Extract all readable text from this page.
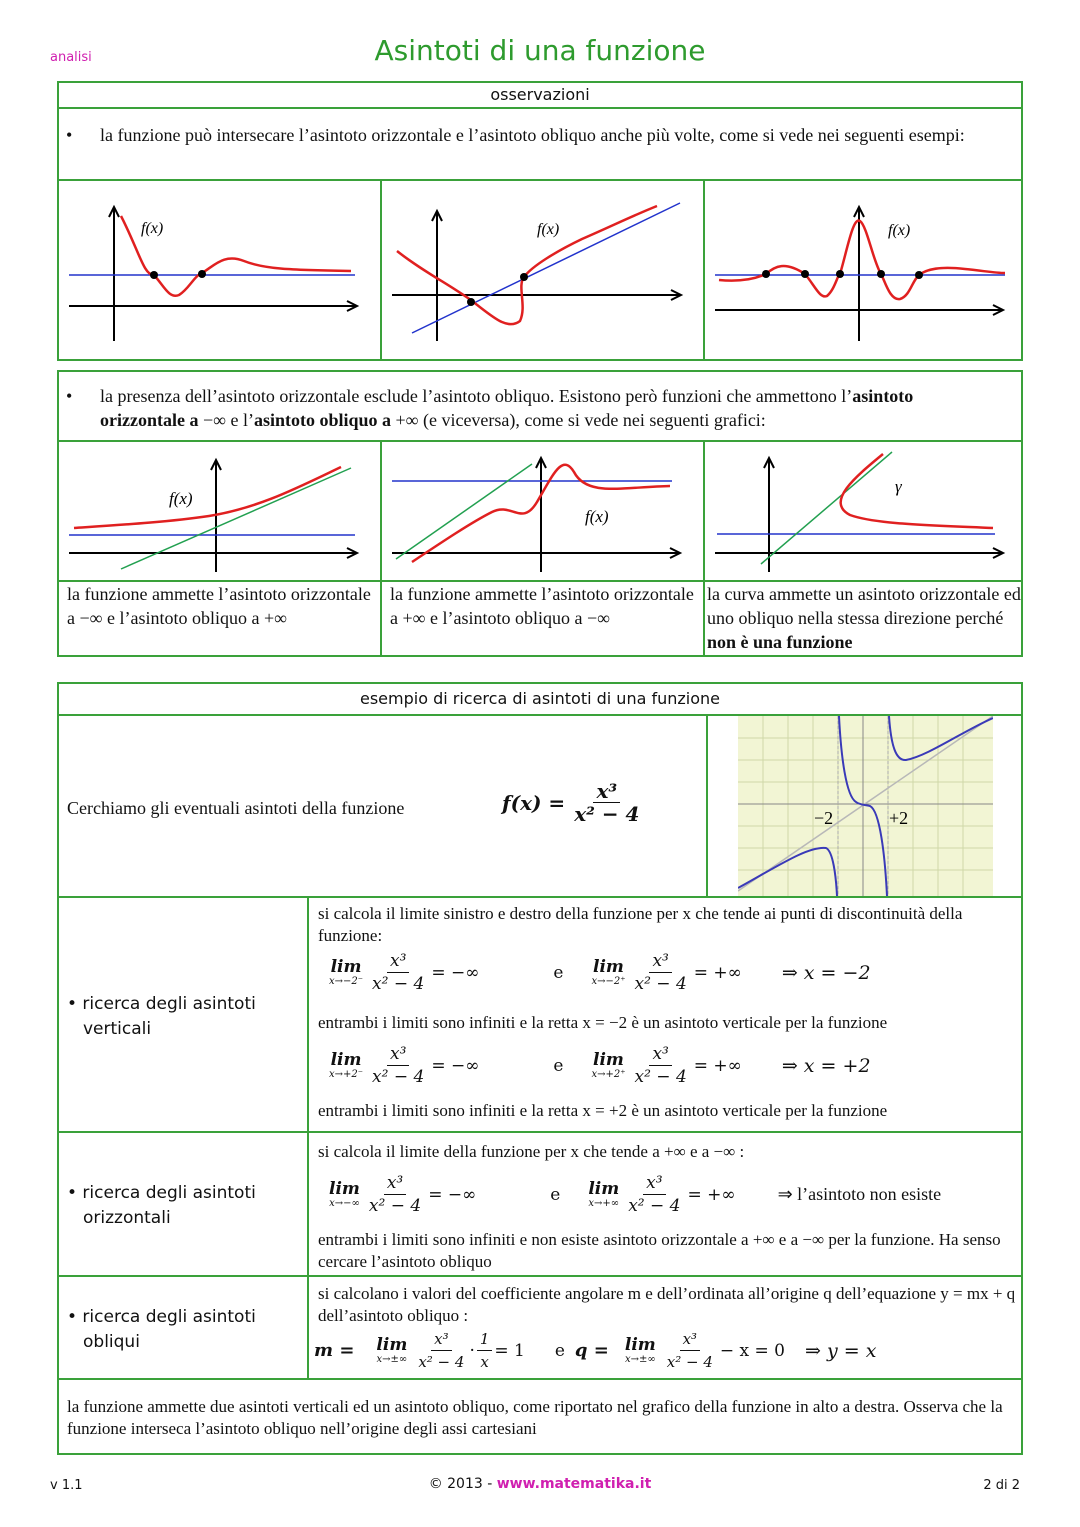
analisi	Asintoti di una funzione
osservazioni
• la funzione può intersecare l’asintoto orizzontale e l’asintoto obliquo anche più volte, come si vede nei seguenti esempi:
f(x)	f(x)	f(x)
• la presenza dell’asintoto orizzontale esclude l’asintoto obliquo. Esistono però funzioni che ammettono l’asintoto orizzontale a −∞ e l’asintoto obliquo a +∞ (e viceversa), come si vede nei seguenti grafici:
f(x)
f(x)
γ
la funzione ammette l’asintoto orizzontale a −∞ e l’asintoto obliquo a +∞
la funzione ammette l’asintoto orizzontale a +∞ e l’asintoto obliquo a −∞
la curva ammette un asintoto orizzontale ed uno obliquo nella stessa direzione perché non è una funzione
esempio di ricerca di asintoti di una funzione
Cerchiamo gli eventuali asintoti della funzione	$f(x) = \frac{\text{x³}}{\text{x² − 4}}$	−2	+2
• ricerca degli asintoti verticali
si calcola il limite sinistro e destro della funzione per x che tende ai punti di discontinuità della funzione:
lim
$x\to-2^- \frac{\text{x³}}{\text{x² − 4}}$ = −∞	e lim
$x\to-2^+ \frac{\text{x³}}{\text{x² − 4}}$ = +∞ ⇒ x = −2
entrambi i limiti sono infiniti e la retta x = −2 è un asintoto verticale per la funzione
lim
$x\to+2^- \frac{\text{x³}}{\text{x² − 4}}$ = −∞	e lim
$x\to+2^+ \frac{\text{x³}}{\text{x² − 4}}$ = +∞ ⇒ x = +2
entrambi i limiti sono infiniti e la retta x = +2 è un asintoto verticale per la funzione
• ricerca degli asintoti orizzontali
si calcola il limite della funzione per x che tende a +∞ e a −∞ :
lim
$x\to-\infty \frac{\text{x³}}{\text{x² − 4}}$ = −∞	e lim
$x\to+\infty \frac{\text{x³}}{\text{x² − 4}}$ = +∞ ⇒ l’asintoto non esiste
entrambi i limiti sono infiniti e non esiste asintoto orizzontale a +∞ e a −∞ per la funzione. Ha senso cercare l’asintoto obliquo
• ricerca degli asintoti obliqui
si calcolano i valori del coefficiente angolare m e dell’ordinata all’origine q dell’equazione y = mx + q dell’asintoto obliquo :
m = lim
$x\to\pm\infty \frac{\text{x³}}{\text{x² − 4}} \cdot \frac{1}{x} = 1$ e q = lim
$x\to\pm\infty \frac{\text{x³}}{\text{x² − 4}} - x = 0$ ⇒ y = x
la funzione ammette due asintoti verticali ed un asintoto obliquo, come riportato nel grafico della funzione in alto a destra. Osserva che la funzione interseca l’asintoto obliquo nell’origine degli assi cartesiani
v 1.1	© 2013 - www.matematika.it	2 di 2
